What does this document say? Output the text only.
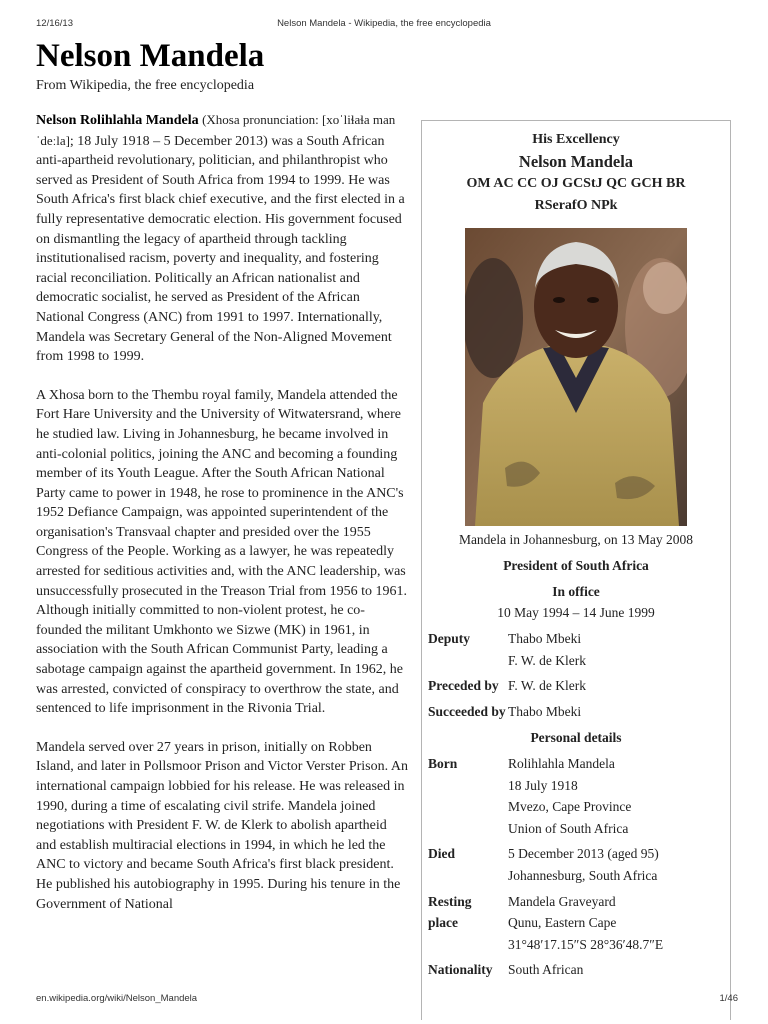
12/16/13	Nelson Mandela - Wikipedia, the free encyclopedia
Nelson Mandela
From Wikipedia, the free encyclopedia

Nelson Rolihlahla Mandela (Xhosa pronunciation: [xoˈliɬaɬa manˈdeːla]; 18 July 1918 – 5 December 2013) was a South African anti-apartheid revolutionary, politician, and philanthropist who served as President of South Africa from 1994 to 1999. He was South Africa's first black chief executive, and the first elected in a fully representative democratic election. His government focused on dismantling the legacy of apartheid through tackling institutionalised racism, poverty and inequality, and fostering racial reconciliation. Politically an African nationalist and democratic socialist, he served as President of the African National Congress (ANC) from 1991 to 1997. Internationally, Mandela was Secretary General of the Non-Aligned Movement from 1998 to 1999.

A Xhosa born to the Thembu royal family, Mandela attended the Fort Hare University and the University of Witwatersrand, where he studied law. Living in Johannesburg, he became involved in anti-colonial politics, joining the ANC and becoming a founding member of its Youth League. After the South African National Party came to power in 1948, he rose to prominence in the ANC's 1952 Defiance Campaign, was appointed superintendent of the organisation's Transvaal chapter and presided over the 1955 Congress of the People. Working as a lawyer, he was repeatedly arrested for seditious activities and, with the ANC leadership, was unsuccessfully prosecuted in the Treason Trial from 1956 to 1961. Although initially committed to non-violent protest, he co-founded the militant Umkhonto we Sizwe (MK) in 1961, in association with the South African Communist Party, leading a sabotage campaign against the apartheid government. In 1962, he was arrested, convicted of conspiracy to overthrow the state, and sentenced to life imprisonment in the Rivonia Trial.

Mandela served over 27 years in prison, initially on Robben Island, and later in Pollsmoor Prison and Victor Verster Prison. An international campaign lobbied for his release. He was released in 1990, during a time of escalating civil strife. Mandela joined negotiations with President F. W. de Klerk to abolish apartheid and establish multiracial elections in 1994, in which he led the ANC to victory and became South Africa's first black president. He published his autobiography in 1995. During his tenure in the Government of National

His Excellency
Nelson Mandela
OM AC CC OJ GCStJ QC GCH BR
RSerafO NPk
Mandela in Johannesburg, on 13 May 2008
President of South Africa
In office
10 May 1994 – 14 June 1999
Deputy	Thabo Mbeki
F. W. de Klerk
Preceded by F. W. de Klerk
Succeeded by Thabo Mbeki
Personal details
Born	Rolihlahla Mandela
18 July 1918
Mvezo, Cape Province
Union of South Africa
Died	5 December 2013 (aged 95)
Johannesburg, South Africa
Resting
place
Mandela Graveyard
Qunu, Eastern Cape
31°48′17.15″S 28°36′48.7″E
Nationality	South African
en.wikipedia.org/wiki/Nelson_Mandela	1/46
